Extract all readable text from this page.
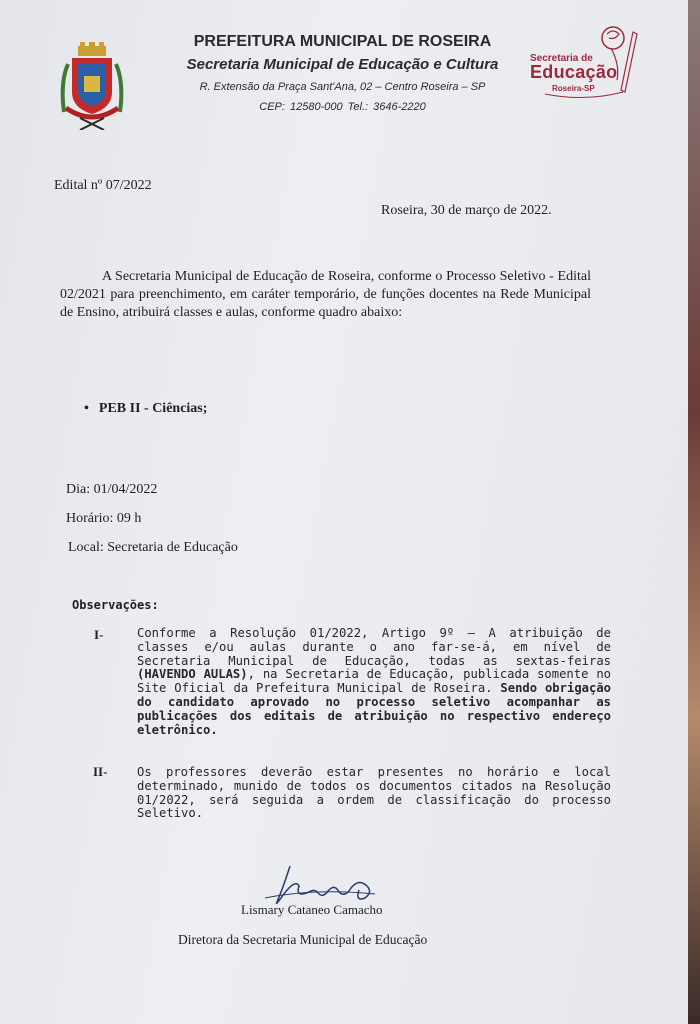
PREFEITURA MUNICIPAL DE ROSEIRA
Secretaria Municipal de Educação e Cultura
R. Extensão da Praça Sant'Ana, 02 – Centro Roseira – SP
CEP: 12580-000 Tel.: 3646-2220
Secretaria de
Educação
Roseira-SP
Edital nº 07/2022
Roseira, 30 de março de 2022.
A Secretaria Municipal de Educação de Roseira, conforme o Processo Seletivo - Edital 02/2021 para preenchimento, em caráter temporário, de funções docentes na Rede Municipal de Ensino, atribuirá classes e aulas, conforme quadro abaixo:
• PEB II - Ciências;
Dia: 01/04/2022
Horário: 09 h
Local: Secretaria de Educação
Observações:
I-	Conforme a Resolução 01/2022, Artigo 9º – A atribuição de classes e/ou aulas durante o ano far-se-á, em nível de Secretaria Municipal de Educação, todas as sextas-feiras (HAVENDO AULAS), na Secretaria de Educação, publicada somente no Site Oficial da Prefeitura Municipal de Roseira. Sendo obrigação do candidato aprovado no processo seletivo acompanhar as publicações dos editais de atribuição no respectivo endereço eletrônico.
II- Os professores deverão estar presentes no horário e local determinado, munido de todos os documentos citados na Resolução 01/2022, será seguida a ordem de classificação do processo Seletivo.
Lismary Cataneo Camacho
Diretora da Secretaria Municipal de Educação
